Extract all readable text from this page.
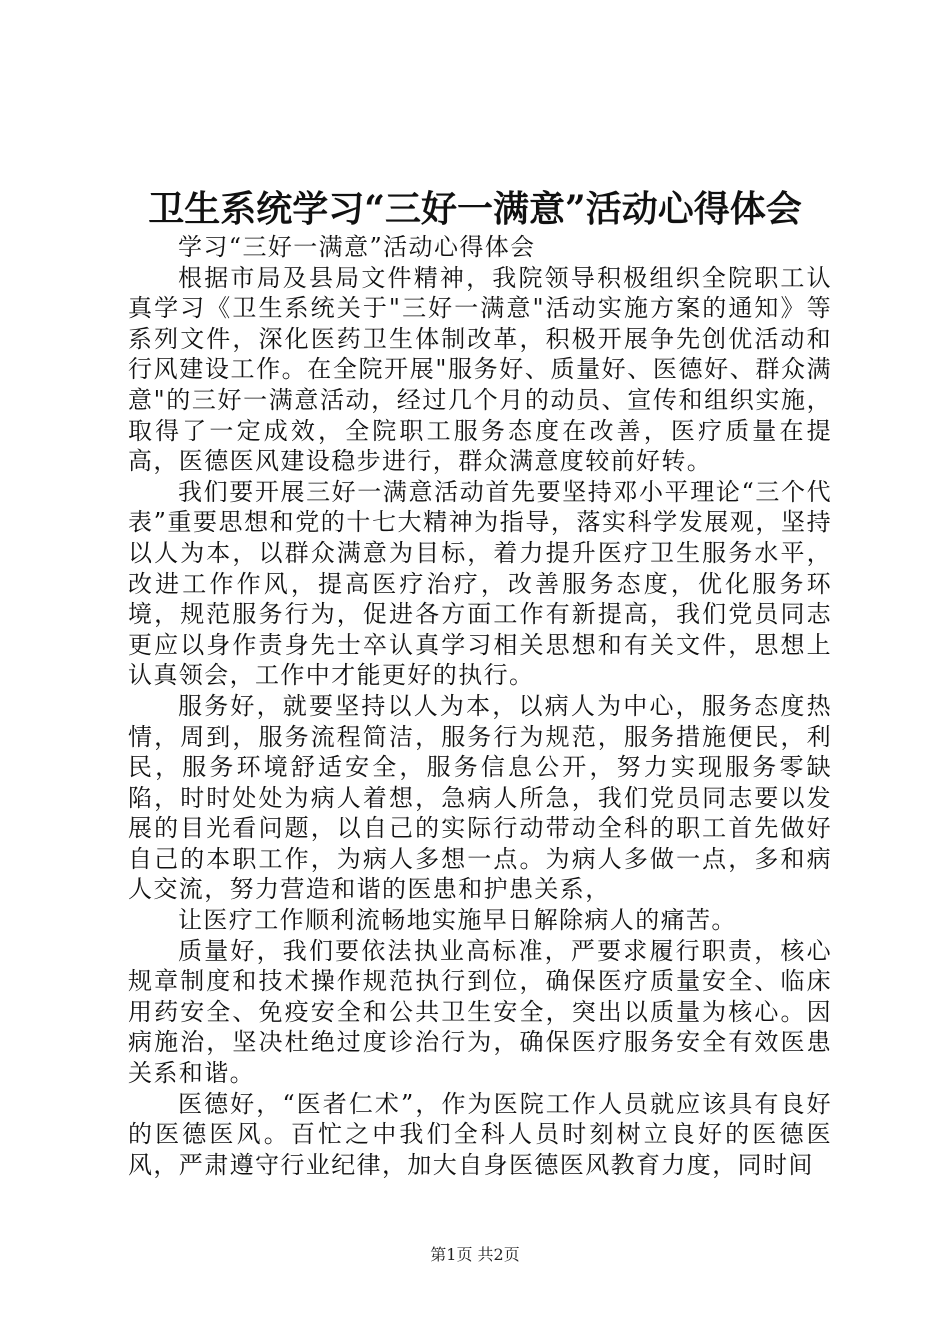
卫生系统学习“三好一满意”活动心得体会

学习“三好一满意”活动心得体会

根据市局及县局文件精神，我院领导积极组织全院职工认真学习《卫生系统关于"三好一满意"活动实施方案的通知》等系列文件，深化医药卫生体制改革，积极开展争先创优活动和行风建设工作。在全院开展"服务好、质量好、医德好、群众满意"的三好一满意活动，经过几个月的动员、宣传和组织实施，取得了一定成效，全院职工服务态度在改善，医疗质量在提高，医德医风建设稳步进行，群众满意度较前好转。

我们要开展三好一满意活动首先要坚持邓小平理论“三个代表”重要思想和党的十七大精神为指导，落实科学发展观，坚持以人为本，以群众满意为目标，着力提升医疗卫生服务水平，改进工作作风，提高医疗治疗，改善服务态度，优化服务环境，规范服务行为，促进各方面工作有新提高，我们党员同志更应以身作责身先士卒认真学习相关思想和有关文件，思想上认真领会，工作中才能更好的执行。

服务好，就要坚持以人为本，以病人为中心，服务态度热情，周到，服务流程简洁，服务行为规范，服务措施便民，利民，服务环境舒适安全，服务信息公开，努力实现服务零缺陷，时时处处为病人着想，急病人所急，我们党员同志要以发展的目光看问题，以自己的实际行动带动全科的职工首先做好自己的本职工作，为病人多想一点。为病人多做一点，多和病人交流，努力营造和谐的医患和护患关系，

让医疗工作顺利流畅地实施早日解除病人的痛苦。

质量好，我们要依法执业高标准，严要求履行职责，核心规章制度和技术操作规范执行到位，确保医疗质量安全、临床用药安全、免疫安全和公共卫生安全，突出以质量为核心。因病施治，坚决杜绝过度诊治行为，确保医疗服务安全有效医患关系和谐。

医德好，“医者仁术”，作为医院工作人员就应该具有良好的医德医风。百忙之中我们全科人员时刻树立良好的医德医风，严肃遵守行业纪律，加大自身医德医风教育力度，同时间

第1页 共2页
